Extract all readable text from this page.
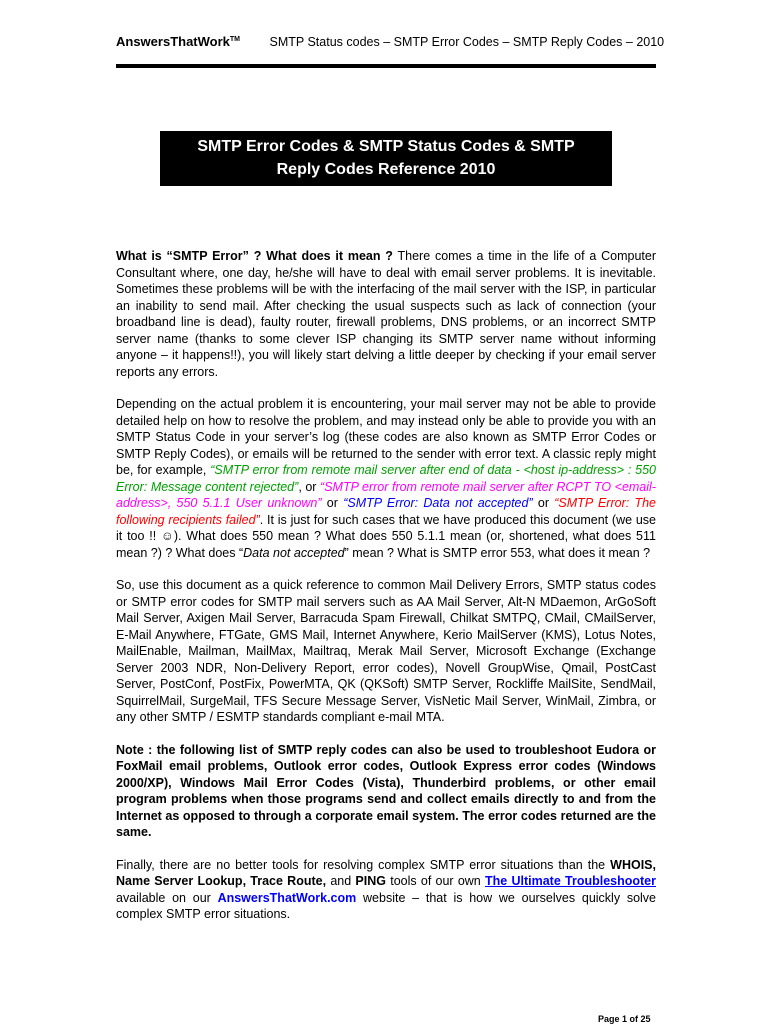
AnswersThatWork™ SMTP Status codes – SMTP Error Codes – SMTP Reply Codes – 2010
SMTP Error Codes & SMTP Status Codes & SMTP
Reply Codes Reference 2010

What is “SMTP Error” ? What does it mean ? There comes a time in the life of a Computer Consultant where, one day, he/she will have to deal with email server problems. It is inevitable. Sometimes these problems will be with the interfacing of the mail server with the ISP, in particular an inability to send mail. After checking the usual suspects such as lack of connection (your broadband line is dead), faulty router, firewall problems, DNS problems, or an incorrect SMTP server name (thanks to some clever ISP changing its SMTP server name without informing anyone – it happens!!), you will likely start delving a little deeper by checking if your email server reports any errors.

Depending on the actual problem it is encountering, your mail server may not be able to provide detailed help on how to resolve the problem, and may instead only be able to provide you with an SMTP Status Code in your server’s log (these codes are also known as SMTP Error Codes or SMTP Reply Codes), or emails will be returned to the sender with error text. A classic reply might be, for example, “SMTP error from remote mail server after end of data - <host ip-address> : 550 Error: Message content rejected”, or “SMTP error from remote mail server after RCPT TO <email-address>, 550 5.1.1 User unknown” or “SMTP Error: Data not accepted” or “SMTP Error: The following recipients failed”. It is just for such cases that we have produced this document (we use it too !! ☺). What does 550 mean ? What does 550 5.1.1 mean (or, shortened, what does 511 mean ?) ? What does “Data not accepted” mean ? What is SMTP error 553, what does it mean ?

So, use this document as a quick reference to common Mail Delivery Errors, SMTP status codes or SMTP error codes for SMTP mail servers such as AA Mail Server, Alt-N MDaemon, ArGoSoft Mail Server, Axigen Mail Server, Barracuda Spam Firewall, Chilkat SMTPQ, CMail, CMailServer, E-Mail Anywhere, FTGate, GMS Mail, Internet Anywhere, Kerio MailServer (KMS), Lotus Notes, MailEnable, Mailman, MailMax, Mailtraq, Merak Mail Server, Microsoft Exchange (Exchange Server 2003 NDR, Non-Delivery Report, error codes), Novell GroupWise, Qmail, PostCast Server, PostConf, PostFix, PowerMTA, QK (QKSoft) SMTP Server, Rockliffe MailSite, SendMail, SquirrelMail, SurgeMail, TFS Secure Message Server, VisNetic Mail Server, WinMail, Zimbra, or any other SMTP / ESMTP standards compliant e-mail MTA.

Note : the following list of SMTP reply codes can also be used to troubleshoot Eudora or FoxMail email problems, Outlook error codes, Outlook Express error codes (Windows 2000/XP), Windows Mail Error Codes (Vista), Thunderbird problems, or other email program problems when those programs send and collect emails directly to and from the Internet as opposed to through a corporate email system. The error codes returned are the same.

Finally, there are no better tools for resolving complex SMTP error situations than the WHOIS, Name Server Lookup, Trace Route, and PING tools of our own The Ultimate Troubleshooter available on our AnswersThatWork.com website – that is how we ourselves quickly solve complex SMTP error situations.

Page 1 of 25
